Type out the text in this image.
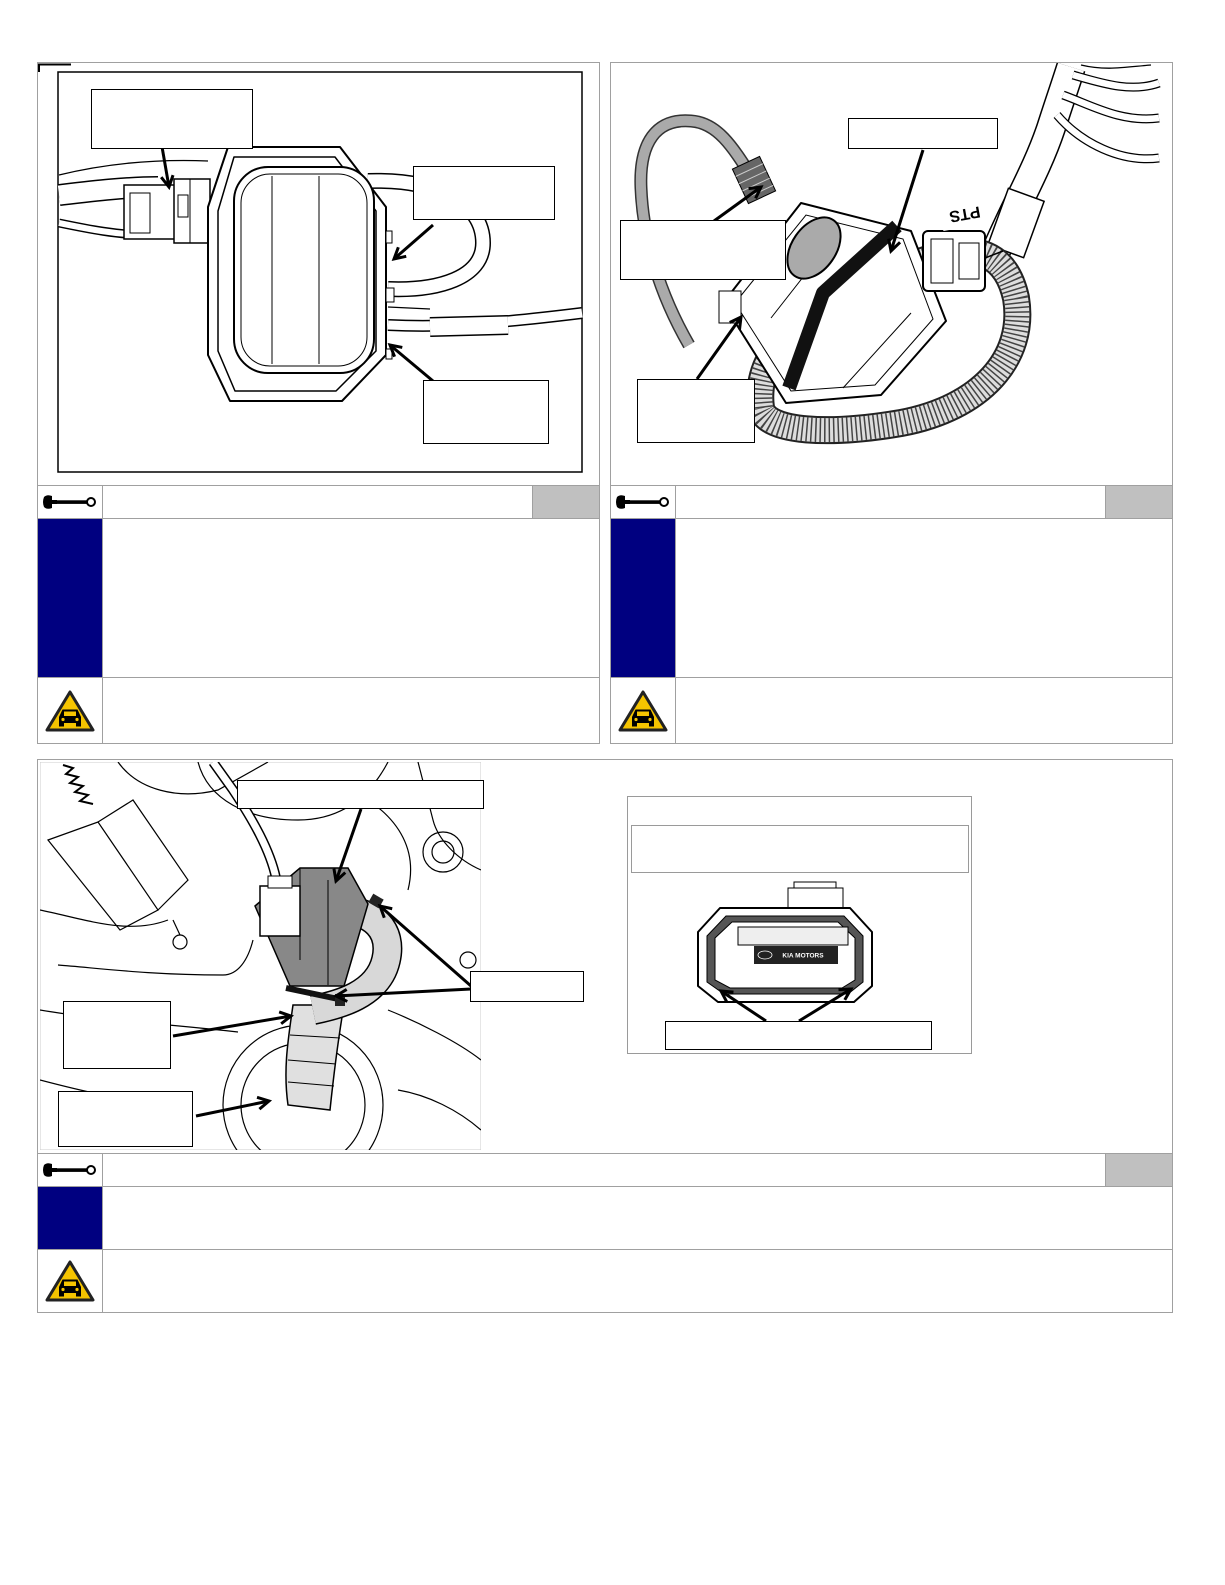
PTS
KIA MOTORS
